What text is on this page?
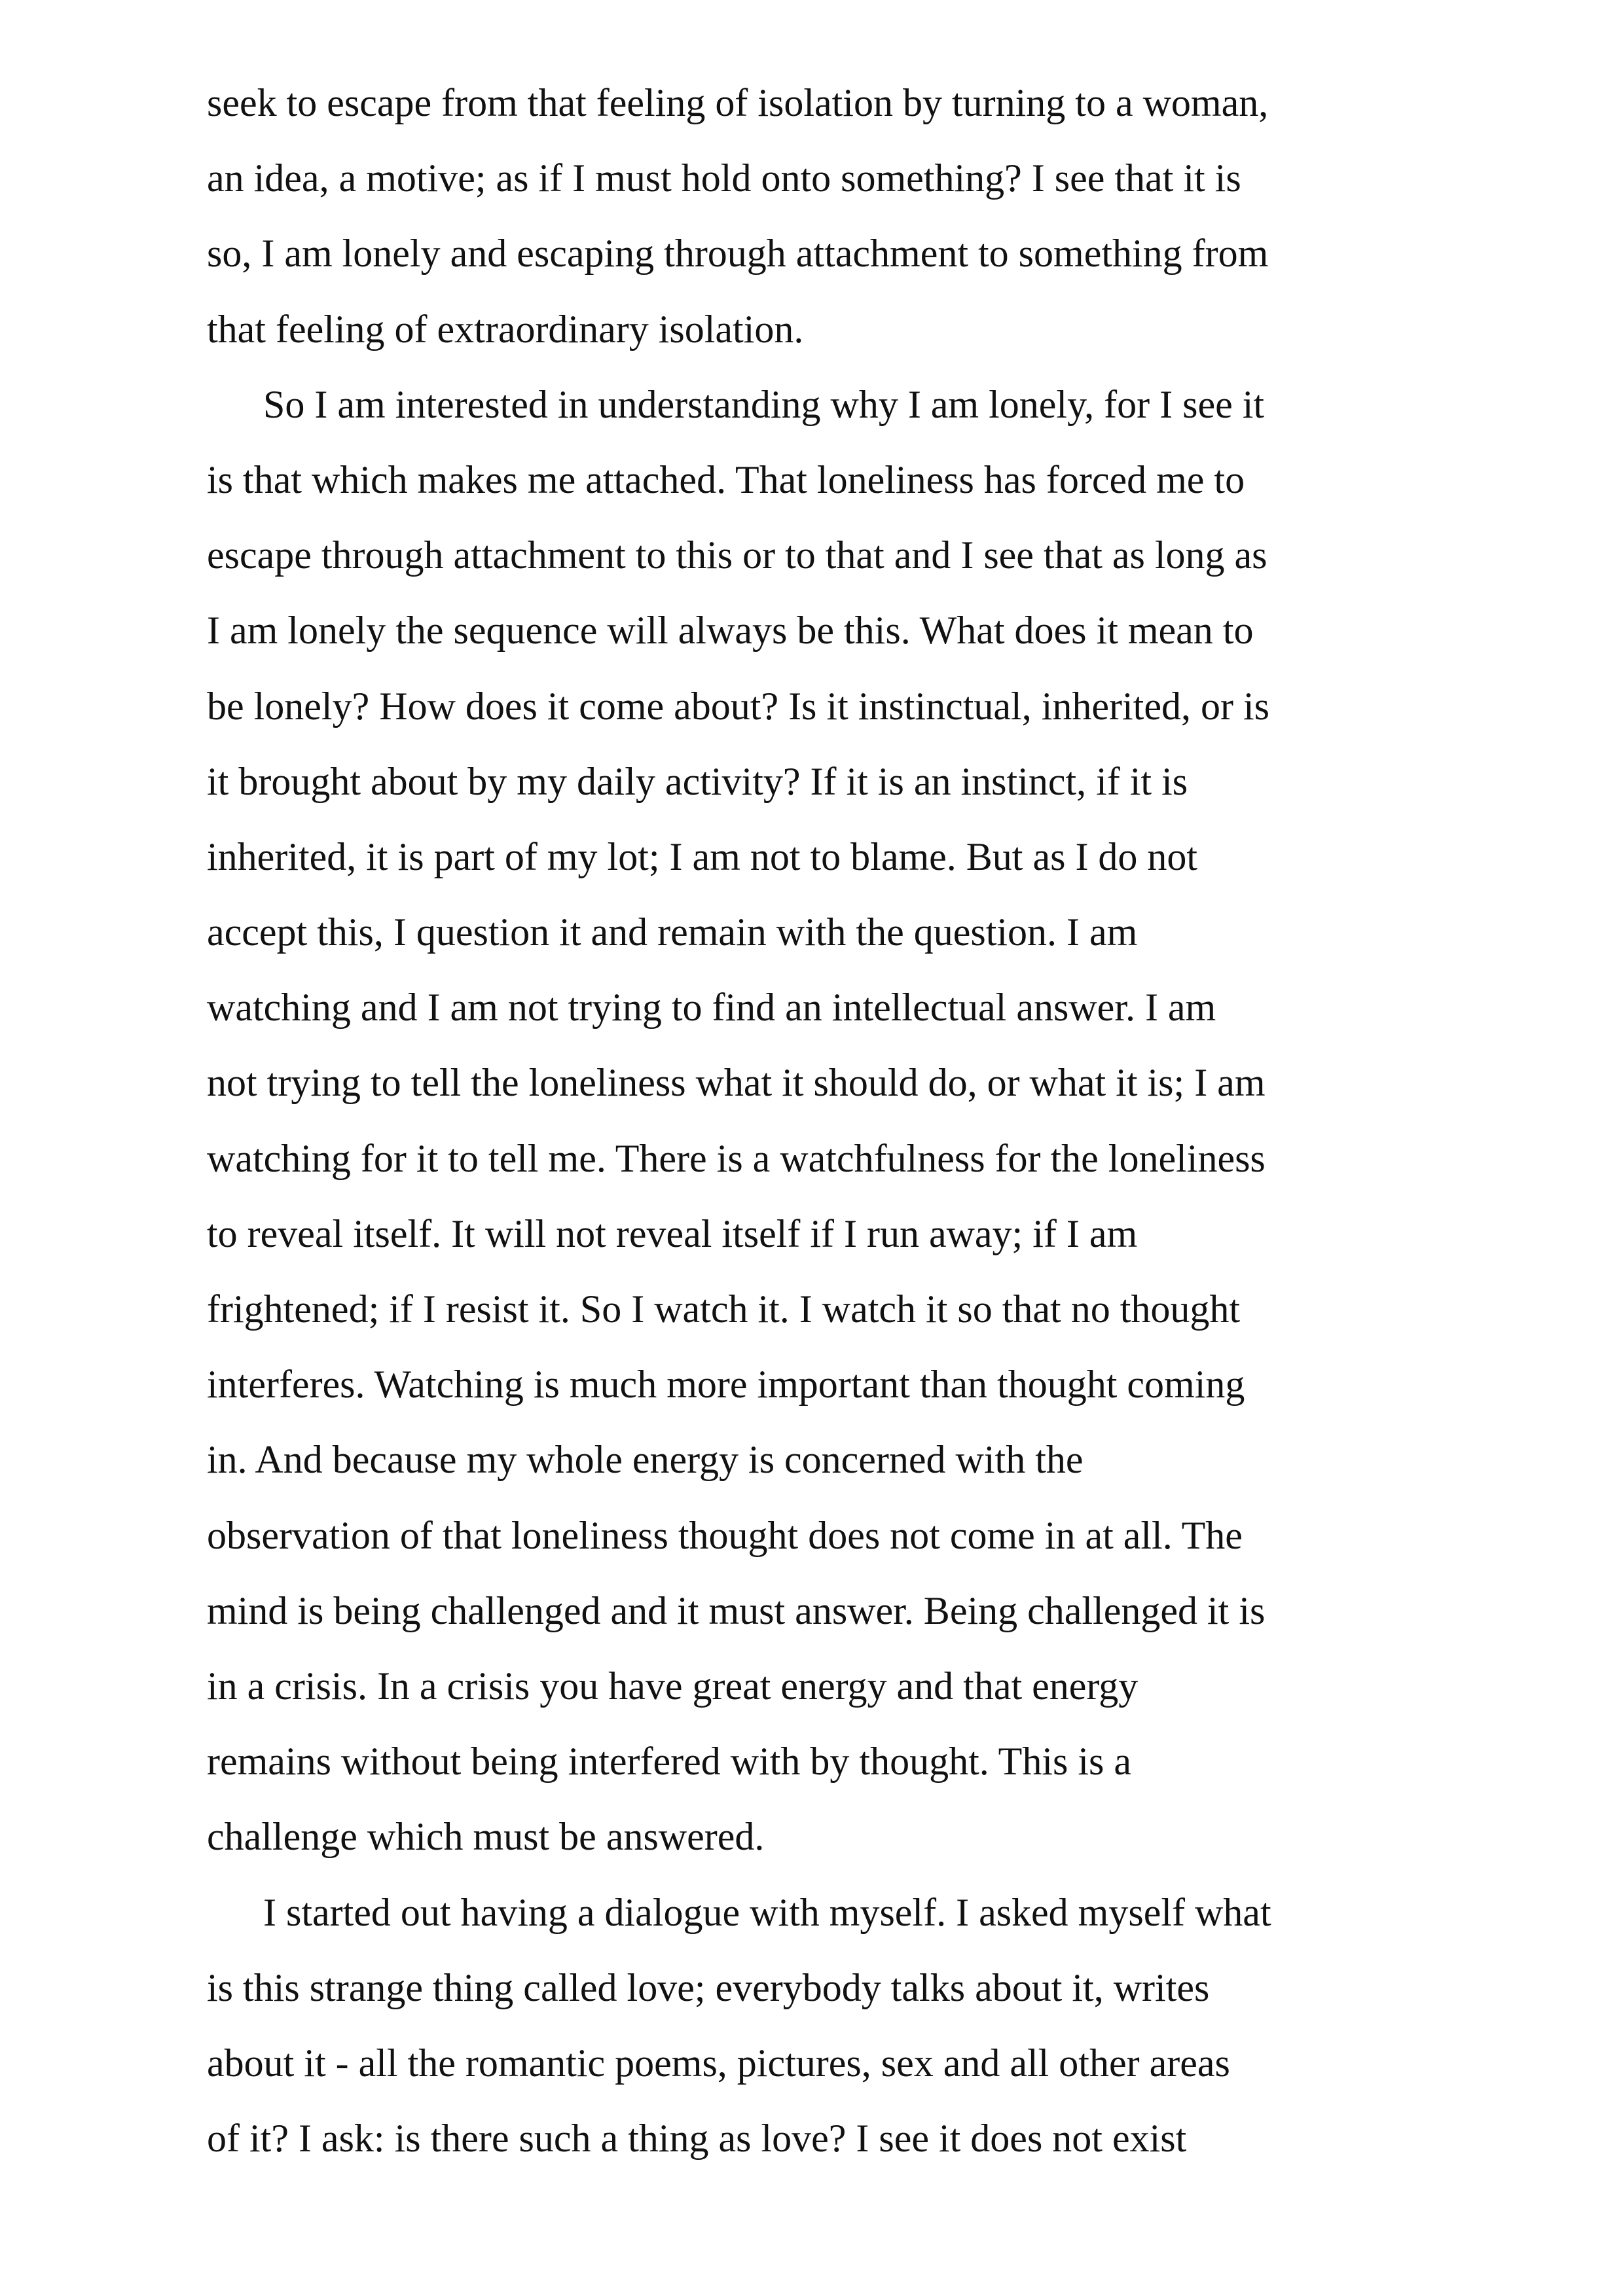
seek to escape from that feeling of isolation by turning to a woman,
an idea, a motive; as if I must hold onto something? I see that it is
so, I am lonely and escaping through attachment to something from
that feeling of extraordinary isolation.
So I am interested in understanding why I am lonely, for I see it
is that which makes me attached. That loneliness has forced me to
escape through attachment to this or to that and I see that as long as
I am lonely the sequence will always be this. What does it mean to
be lonely? How does it come about? Is it instinctual, inherited, or is
it brought about by my daily activity? If it is an instinct, if it is
inherited, it is part of my lot; I am not to blame. But as I do not
accept this, I question it and remain with the question. I am
watching and I am not trying to find an intellectual answer. I am
not trying to tell the loneliness what it should do, or what it is; I am
watching for it to tell me. There is a watchfulness for the loneliness
to reveal itself. It will not reveal itself if I run away; if I am
frightened; if I resist it. So I watch it. I watch it so that no thought
interferes. Watching is much more important than thought coming
in. And because my whole energy is concerned with the
observation of that loneliness thought does not come in at all. The
mind is being challenged and it must answer. Being challenged it is
in a crisis. In a crisis you have great energy and that energy
remains without being interfered with by thought. This is a
challenge which must be answered.
I started out having a dialogue with myself. I asked myself what
is this strange thing called love; everybody talks about it, writes
about it - all the romantic poems, pictures, sex and all other areas
of it? I ask: is there such a thing as love? I see it does not exist
